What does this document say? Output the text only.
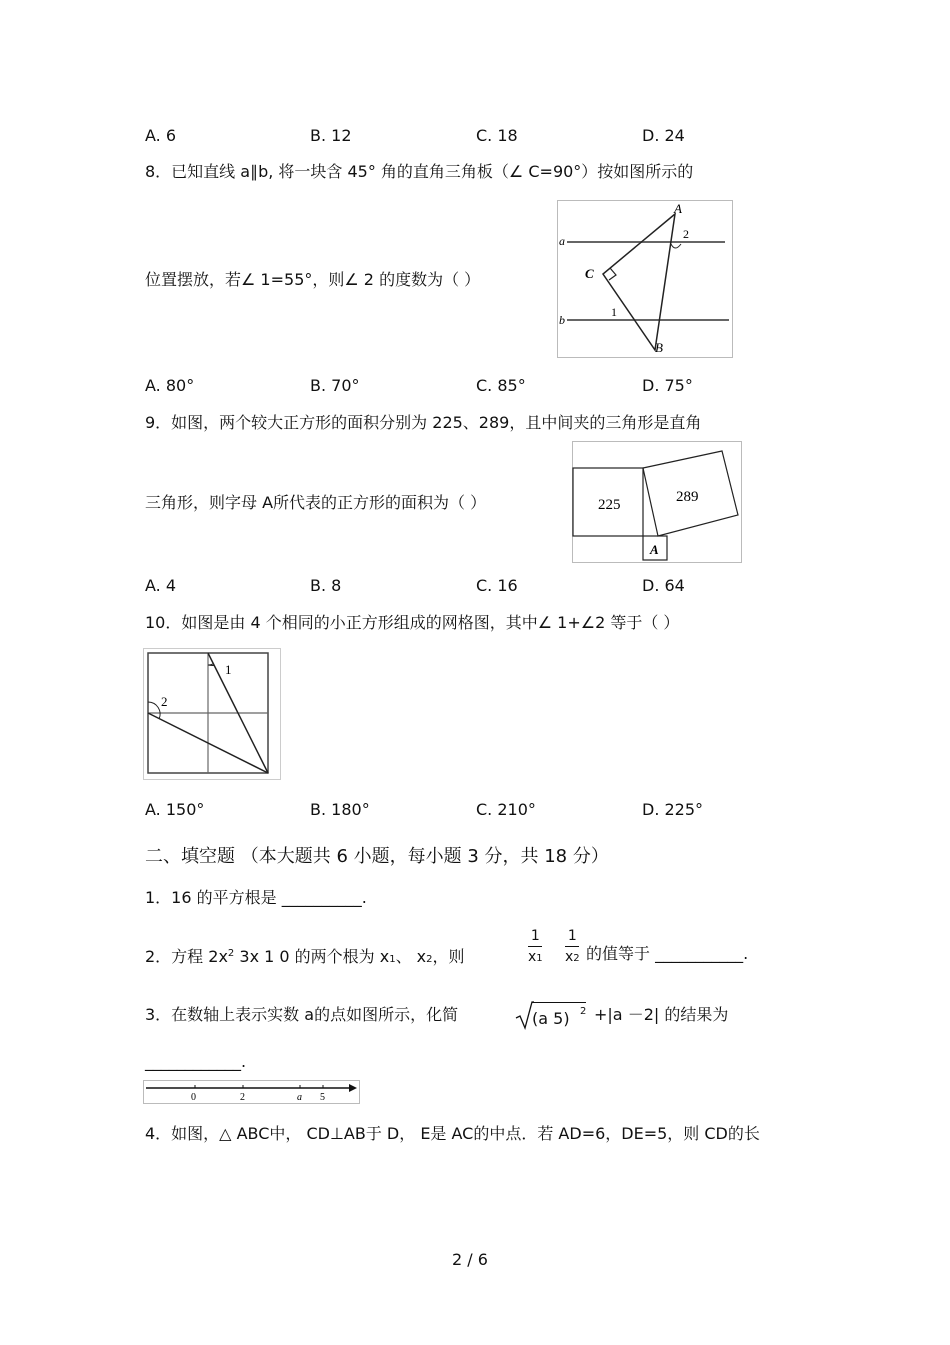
A. 6	B. 12	C. 18	D. 24
8．已知直线 a∥b, 将一块含 45° 角的直角三角板（∠ C=90°）按如图所示的
位置摆放，若∠ 1=55°，则∠ 2 的度数为（ ）
a
b
A
B
C
1
2
A. 80°	B. 70°	C. 85°	D. 75°
9．如图，两个较大正方形的面积分别为 225、289，且中间夹的三角形是直角
三角形，则字母 A所代表的正方形的面积为（ ）	225	289
A
A. 4	B. 8	C. 16	D. 64
10．如图是由 4 个相同的小正方形组成的网格图，其中∠ 1+∠2 等于（ ）
1
2
A. 150°	B. 180°	C. 210°	D. 225°
二、填空题 （本大题共 6 小题，每小题 3 分，共 18 分）
1．16 的平方根是 __________.
2．方程 $2x^2$ 3x 1 0 的两个根为 x1、 x2，则
1
x1
1
x2 的值等于 ___________.
3．在数轴上表示实数 a的点如图所示，化简	(a 5) 2 +|a －2| 的结果为
____________.
0	2	a 5
4．如图，△ ABC中， CD⊥AB于 D， E是 AC的中点．若 AD=6，DE=5，则 CD的长
2 / 6
